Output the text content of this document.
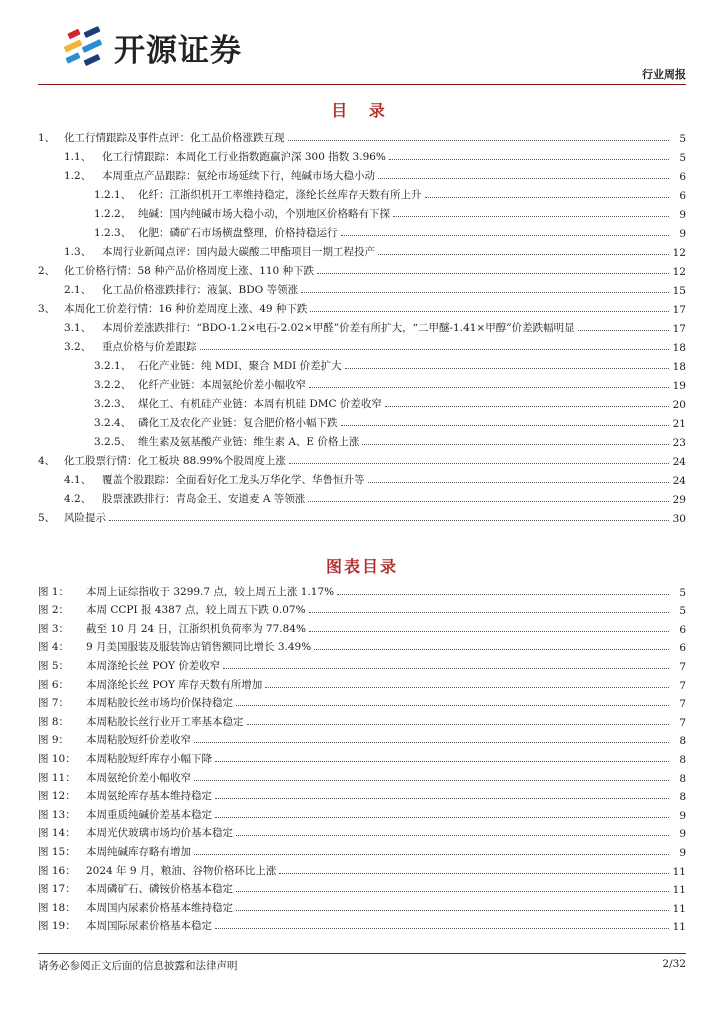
开源证券
行业周报
目 录
1、 化工行情跟踪及事件点评：化工品价格涨跌互现	5
1.1、	化工行情跟踪：本周化工行业指数跑赢沪深 300 指数 3.96%	5
1.2、	本周重点产品跟踪：氨纶市场延续下行，纯碱市场大稳小动	6
1.2.1、 化纤：江浙织机开工率维持稳定，涤纶长丝库存天数有所上升	6
1.2.2、 纯碱：国内纯碱市场大稳小动，个别地区价格略有下探	9
1.2.3、 化肥：磷矿石市场横盘整理，价格持稳运行	9
1.3、	本周行业新闻点评：国内最大碳酸二甲酯项目一期工程投产	12
2、 化工价格行情：58 种产品价格周度上涨、110 种下跌	12
2.1、	化工品价格涨跌排行：液氯、BDO 等领涨	15
3、 本周化工价差行情：16 种价差周度上涨、49 种下跌	17
3.1、	本周价差涨跌排行：“BDO-1.2×电石-2.02×甲醛”价差有所扩大，“二甲醚-1.41×甲醇”价差跌幅明显	17
3.2、	重点价格与价差跟踪	18
3.2.1、 石化产业链：纯 MDI、聚合 MDI 价差扩大	18
3.2.2、 化纤产业链：本周氨纶价差小幅收窄	19
3.2.3、 煤化工、有机硅产业链：本周有机硅 DMC 价差收窄	20
3.2.4、 磷化工及农化产业链：复合肥价格小幅下跌	21
3.2.5、 维生素及氨基酸产业链：维生素 A、E 价格上涨	23
4、 化工股票行情：化工板块 88.99%个股周度上涨	24
4.1、	覆盖个股跟踪：全面看好化工龙头万华化学、华鲁恒升等	24
4.2、	股票涨跌排行：青岛金王、安道麦 A 等领涨	29
5、 风险提示	30
图表目录
图 1：	本周上证综指收于 3299.7 点，较上周五上涨 1.17%	5
图 2：	本周 CCPI 报 4387 点，较上周五下跌 0.07%	5
图 3：	截至 10 月 24 日，江浙织机负荷率为 77.84%	6
图 4：	9 月美国服装及服装饰店销售额同比增长 3.49%	6
图 5：	本周涤纶长丝 POY 价差收窄	7
图 6：	本周涤纶长丝 POY 库存天数有所增加	7
图 7：	本周粘胶长丝市场均价保持稳定	7
图 8：	本周粘胶长丝行业开工率基本稳定	7
图 9：	本周粘胶短纤价差收窄	8
图 10： 本周粘胶短纤库存小幅下降	8
图 11： 本周氨纶价差小幅收窄	8
图 12： 本周氨纶库存基本维持稳定	8
图 13： 本周重质纯碱价差基本稳定	9
图 14： 本周光伏玻璃市场均价基本稳定	9
图 15： 本周纯碱库存略有增加	9
图 16： 2024 年 9 月，粮油、谷物价格环比上涨	11
图 17： 本周磷矿石、磷铵价格基本稳定	11
图 18： 本周国内尿素价格基本维持稳定	11
图 19： 本周国际尿素价格基本稳定	11
请务必参阅正文后面的信息披露和法律声明	2/32
